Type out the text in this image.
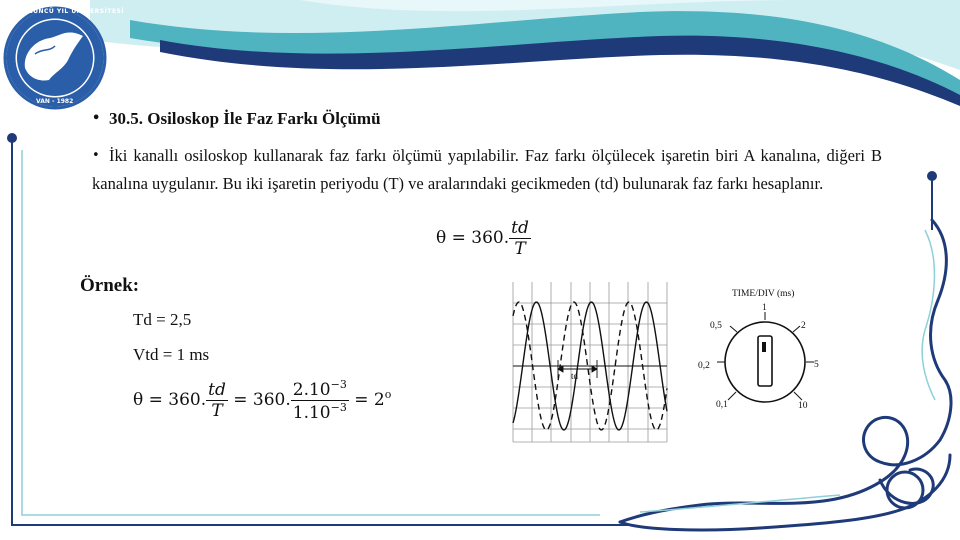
YÜZÜNCÜ YIL ÜNİVERSİTESİ
VAN - 1982
• 30.5. Osiloskop İle Faz Farkı Ölçümü
• İki kanallı osiloskop kullanarak faz farkı ölçümü yapılabilir. Faz farkı ölçülecek işaretin biri A kanalına, diğeri B kanalına uygulanır. Bu iki işaretin periyodu (T) ve aralarındaki gecikmeden (td) bulunarak faz farkı hesaplanır.
θ = 360. $\frac{td}{T}$
Örnek:
Td = 2,5
Vtd = 1 ms
θ = 360. $\frac{td}{T} = 360$. $\frac{2.10^{-3}}{1.10^{-3}} = 2^o$
td
TIME/DIV (ms)
1
2
5
10
0,1
0,2
0,5
